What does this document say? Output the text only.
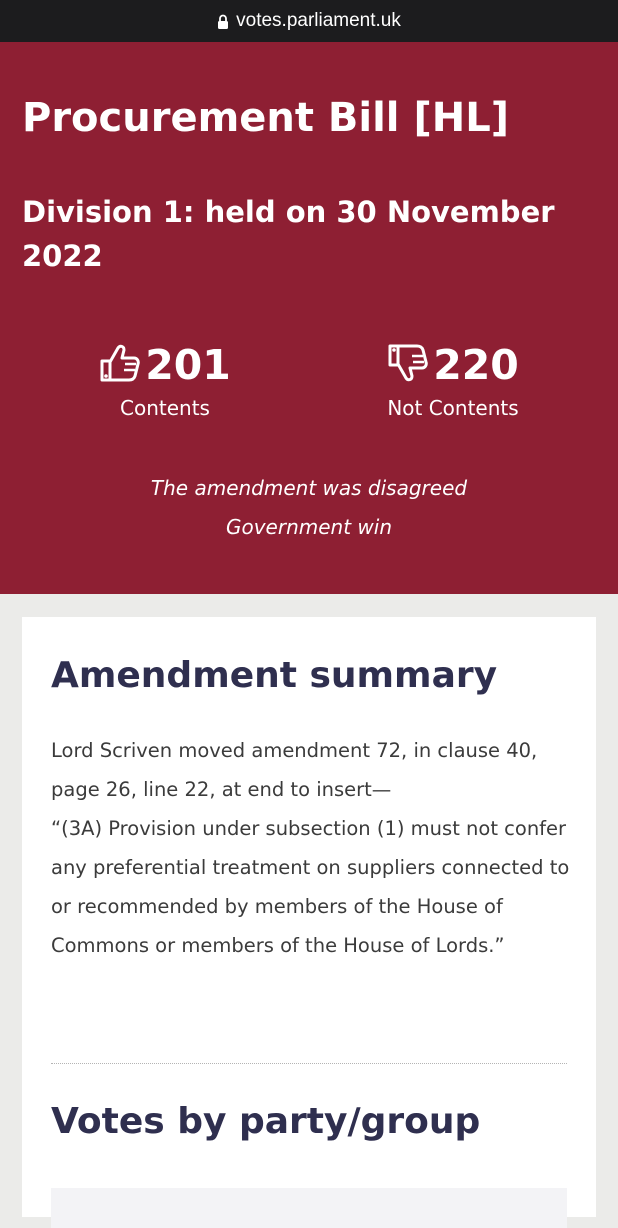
votes.parliament.uk
Procurement Bill [HL]
Division 1: held on 30 November 2022
201
Contents
220
Not Contents
The amendment was disagreed
Government win
Amendment summary

Lord Scriven moved amendment 72, in clause 40, page 26, line 22, at end to insert—

“(3A) Provision under subsection (1) must not confer any preferential treatment on suppliers connected to or recommended by members of the House of Commons or members of the House of Lords.”

Votes by party/group
